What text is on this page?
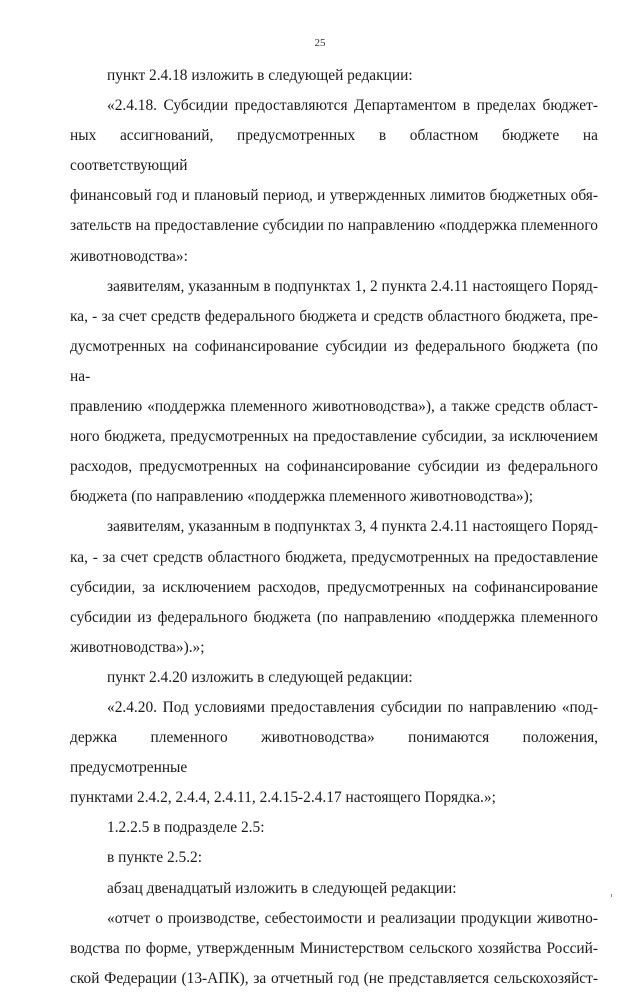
25

пункт 2.4.18 изложить в следующей редакции:

«2.4.18. Субсидии предоставляются Департаментом в пределах бюджет-
ных ассигнований, предусмотренных в областном бюджете на соответствующий
финансовый год и плановый период, и утвержденных лимитов бюджетных обя-
зательств на предоставление субсидии по направлению «поддержка племенного
животноводства»:

заявителям, указанным в подпунктах 1, 2 пункта 2.4.11 настоящего Поряд-
ка, - за счет средств федерального бюджета и средств областного бюджета, пре-
дусмотренных на софинансирование субсидии из федерального бюджета (по на-
правлению «поддержка племенного животноводства»), а также средств област-
ного бюджета, предусмотренных на предоставление субсидии, за исключением
расходов, предусмотренных на софинансирование субсидии из федерального
бюджета (по направлению «поддержка племенного животноводства»);

заявителям, указанным в подпунктах 3, 4 пункта 2.4.11 настоящего Поряд-
ка, - за счет средств областного бюджета, предусмотренных на предоставление
субсидии, за исключением расходов, предусмотренных на софинансирование
субсидии из федерального бюджета (по направлению «поддержка племенного
животноводства»).»;

пункт 2.4.20 изложить в следующей редакции:

«2.4.20. Под условиями предоставления субсидии по направлению «под-
держка племенного животноводства» понимаются положения, предусмотренные
пунктами 2.4.2, 2.4.4, 2.4.11, 2.4.15-2.4.17 настоящего Порядка.»;

1.2.2.5 в подразделе 2.5:

в пункте 2.5.2:

абзац двенадцатый изложить в следующей редакции:

«отчет о производстве, себестоимости и реализации продукции животно-
водства по форме, утвержденным Министерством сельского хозяйства Россий-
ской Федерации (13-АПК), за отчетный год (не представляется сельскохозяйст-
